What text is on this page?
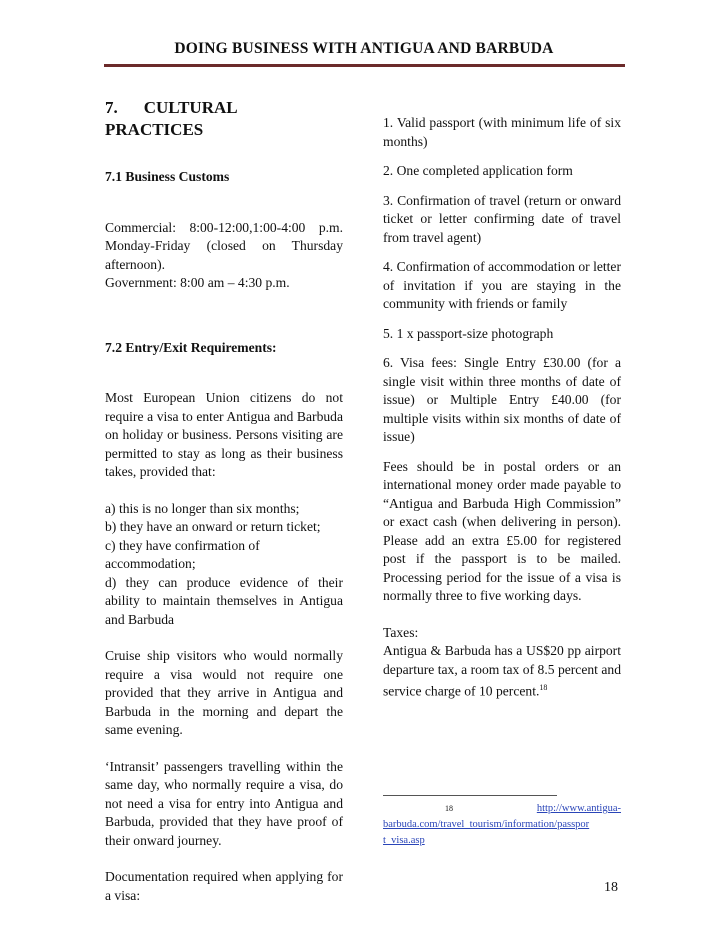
DOING BUSINESS WITH ANTIGUA AND BARBUDA

7. CULTURAL
PRACTICES

7.1 Business Customs

Commercial: 8:00-12:00,1:00-4:00 p.m. Monday-Friday (closed on Thursday afternoon).

Government: 8:00 am – 4:30 p.m.

7.2 Entry/Exit Requirements:

Most European Union citizens do not require a visa to enter Antigua and Barbuda on holiday or business. Persons visiting are permitted to stay as long as their business takes, provided that:

a) this is no longer than six months;

b) they have an onward or return ticket;

c) they have confirmation of accommodation;

d) they can produce evidence of their ability to maintain themselves in Antigua and Barbuda

Cruise ship visitors who would normally require a visa would not require one provided that they arrive in Antigua and Barbuda in the morning and depart the same evening.

‘Intransit’ passengers travelling within the same day, who normally require a visa, do not need a visa for entry into Antigua and Barbuda, provided that they have proof of their onward journey.

Documentation required when applying for a visa:

1. Valid passport (with minimum life of six months)

2. One completed application form

3. Confirmation of travel (return or onward ticket or letter confirming date of travel from travel agent)

4. Confirmation of accommodation or letter of invitation if you are staying in the community with friends or family

5. 1 x passport-size photograph

6. Visa fees: Single Entry £30.00 (for a single visit within three months of date of issue) or Multiple Entry £40.00 (for multiple visits within six months of date of issue)

Fees should be in postal orders or an international money order made payable to “Antigua and Barbuda High Commission” or exact cash (when delivering in person). Please add an extra £5.00 for registered post if the passport is to be mailed. Processing period for the issue of a visa is normally three to five working days.

Taxes:

Antigua & Barbuda has a US$20 pp airport departure tax, a room tax of 8.5 percent and service charge of 10 percent.$^{18}$

18	http://www.antigua-
barbuda.com/travel_tourism/information/passpor
t_visa.asp
18
